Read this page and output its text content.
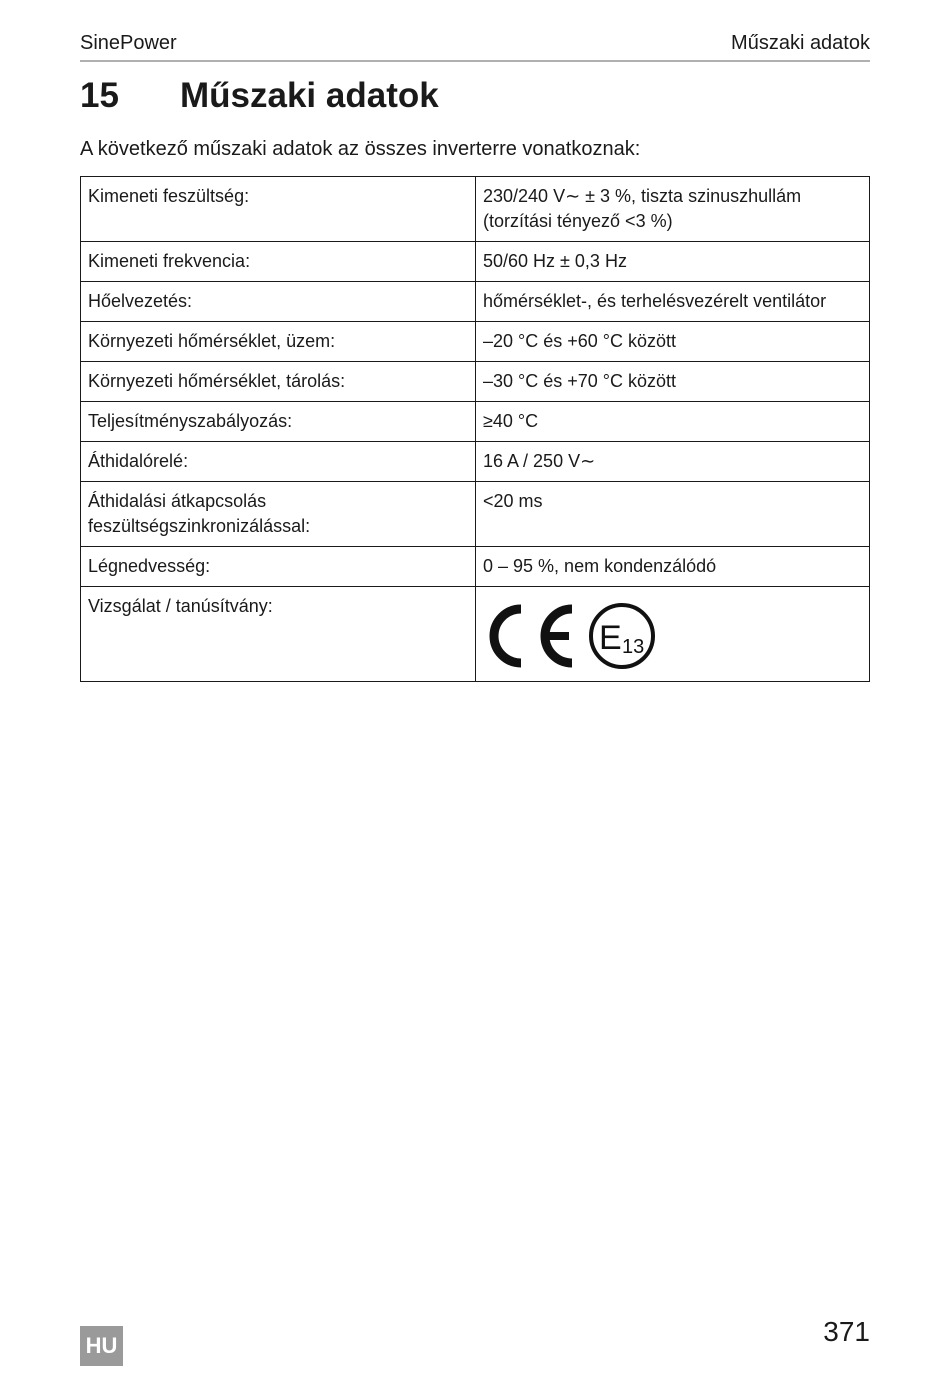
SinePower	Műszaki adatok
15	Műszaki adatok
A következő műszaki adatok az összes inverterre vonatkoznak:
Kimeneti feszültség:	230/240 V∼ ± 3 %, tiszta szinuszhullám (torzítási tényező <3 %)
Kimeneti frekvencia:	50/60 Hz ± 0,3 Hz
Hőelvezetés:	hőmérséklet-, és terhelésvezérelt ventilátor
Környezeti hőmérséklet, üzem:	–20 °C és +60 °C között
Környezeti hőmérséklet, tárolás:	–30 °C és +70 °C között
Teljesítményszabályozás:	≥40 °C
Áthidalórelé:	16 A / 250 V∼
Áthidalási átkapcsolás feszültségszinkronizálással:	<20 ms
Légnedvesség:	0 – 95 %, nem kondenzálódó
Vizsgálat / tanúsítvány:	E 13
HU	371
